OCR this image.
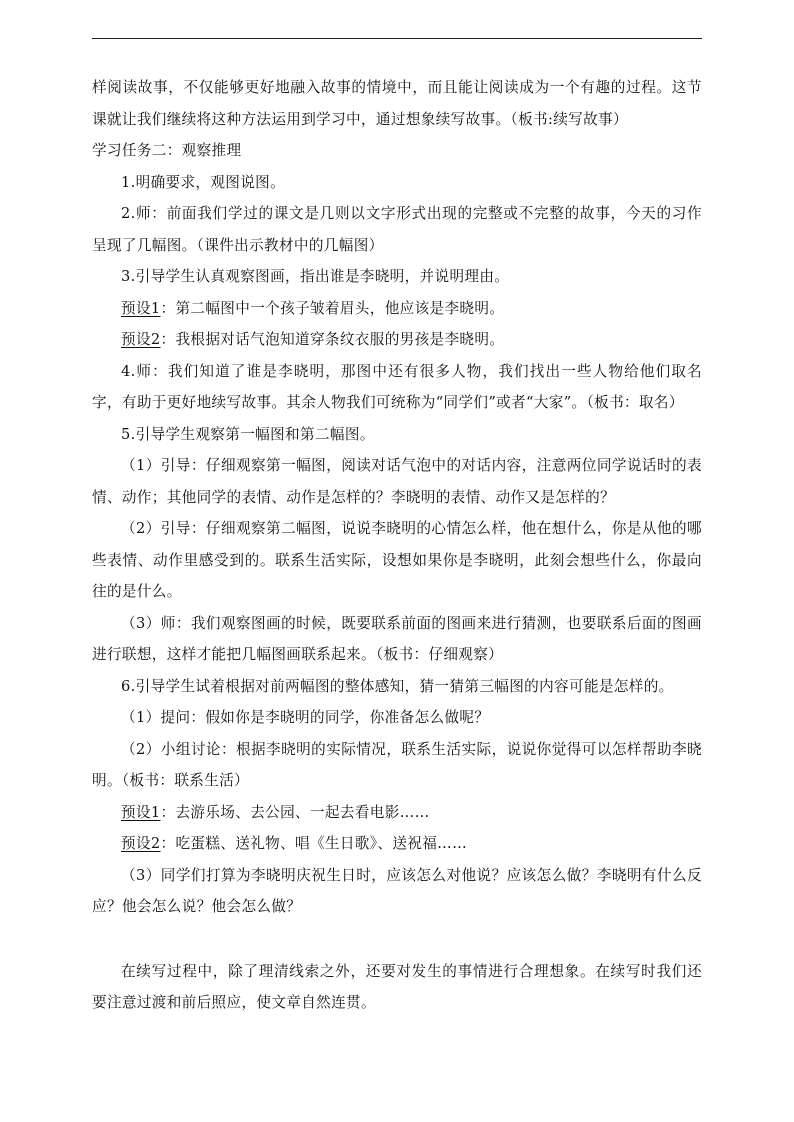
样阅读故事，不仅能够更好地融入故事的情境中，而且能让阅读成为一个有趣的过程。这节课就让我们继续将这种方法运用到学习中，通过想象续写故事。（板书:续写故事）

学习任务二：观察推理

1.明确要求，观图说图。

2.师：前面我们学过的课文是几则以文字形式出现的完整或不完整的故事，今天的习作呈现了几幅图。（课件出示教材中的几幅图）

3.引导学生认真观察图画，指出谁是李晓明，并说明理由。

预设1：第二幅图中一个孩子皱着眉头，他应该是李晓明。

预设2：我根据对话气泡知道穿条纹衣服的男孩是李晓明。

4.师：我们知道了谁是李晓明，那图中还有很多人物，我们找出一些人物给他们取名字，有助于更好地续写故事。其余人物我们可统称为“同学们”或者“大家”。（板书：取名）

5.引导学生观察第一幅图和第二幅图。

（1）引导：仔细观察第一幅图，阅读对话气泡中的对话内容，注意两位同学说话时的表情、动作；其他同学的表情、动作是怎样的？李晓明的表情、动作又是怎样的？

（2）引导：仔细观察第二幅图，说说李晓明的心情怎么样，他在想什么，你是从他的哪些表情、动作里感受到的。联系生活实际，设想如果你是李晓明，此刻会想些什么，你最向往的是什么。

（3）师：我们观察图画的时候，既要联系前面的图画来进行猜测，也要联系后面的图画进行联想，这样才能把几幅图画联系起来。（板书：仔细观察）

6.引导学生试着根据对前两幅图的整体感知，猜一猜第三幅图的内容可能是怎样的。

（1）提问：假如你是李晓明的同学，你准备怎么做呢？

（2）小组讨论：根据李晓明的实际情况，联系生活实际，说说你觉得可以怎样帮助李晓明。（板书：联系生活）

预设1：去游乐场、去公园、一起去看电影……

预设2：吃蛋糕、送礼物、唱《生日歌》、送祝福……

（3）同学们打算为李晓明庆祝生日时，应该怎么对他说？应该怎么做？李晓明有什么反应？他会怎么说？他会怎么做？

在续写过程中，除了理清线索之外，还要对发生的事情进行合理想象。在续写时我们还要注意过渡和前后照应，使文章自然连贯。
